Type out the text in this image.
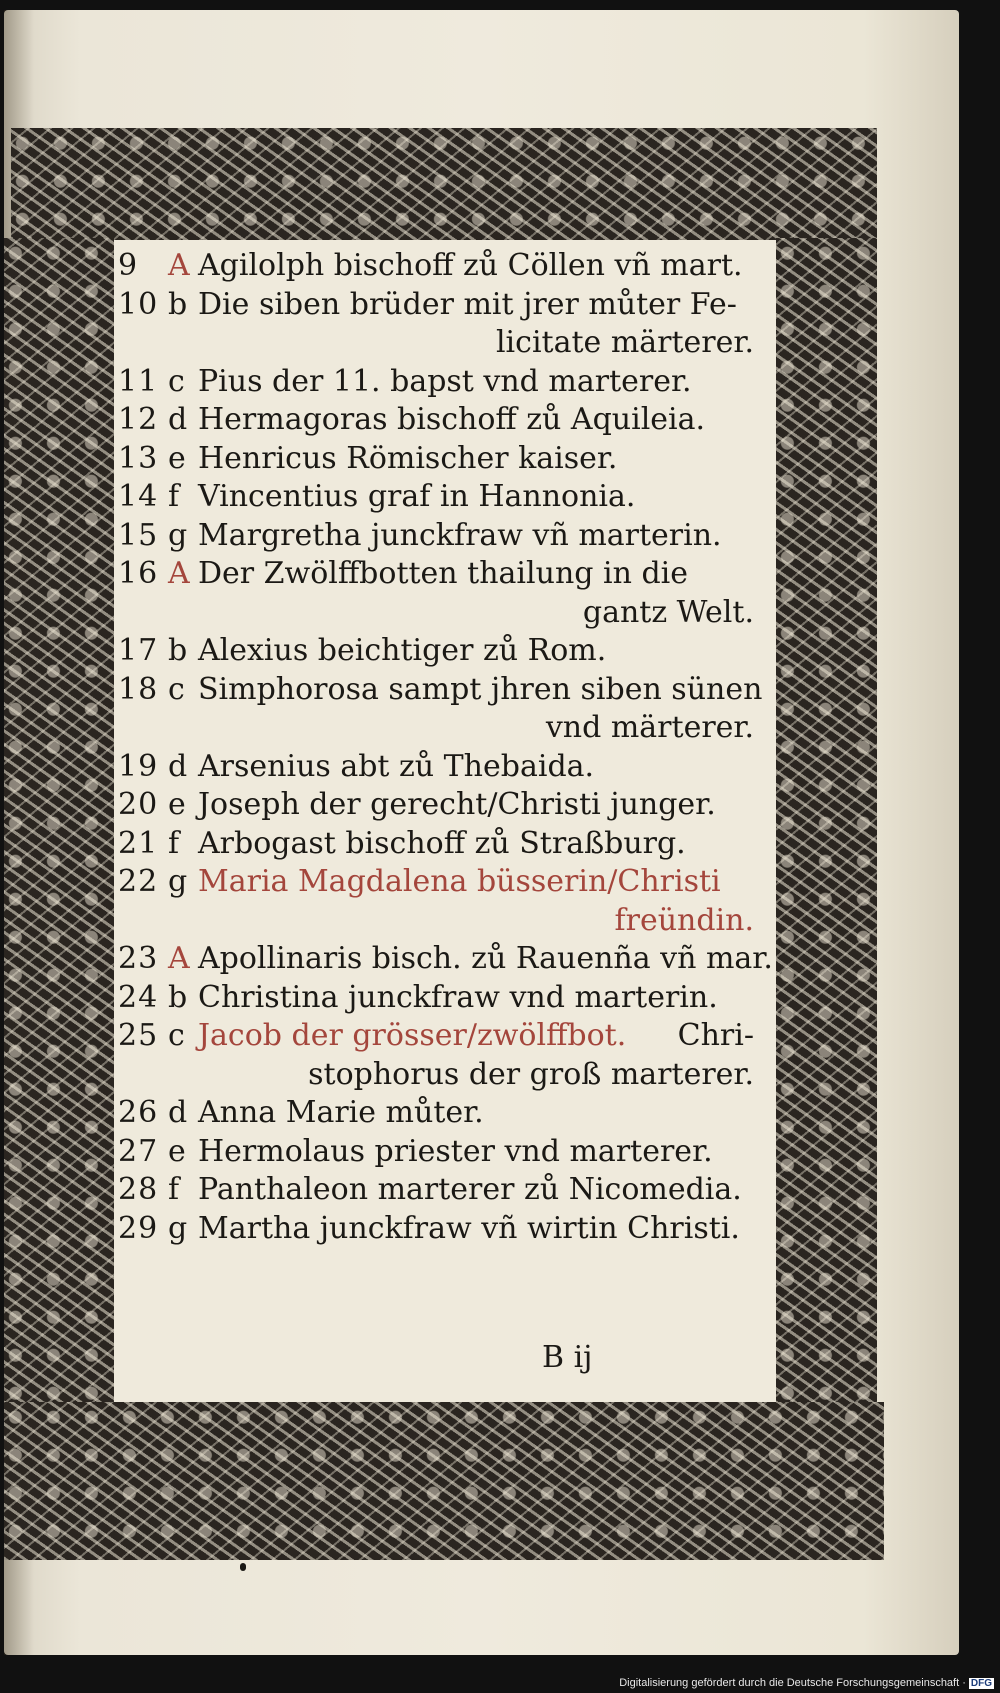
9 A Agilolph bischoff zů Cöllen vñ mart.
10 b Die siben brüder mit jrer můter Fe-
licitate märterer.
11 c Pius der 11. bapst vnd marterer.
12 d Hermagoras bischoff zů Aquileia.
13 e Henricus Römischer kaiser.
14 f Vincentius graf in Hannonia.
15 g Margretha junckfraw vñ marterin.
16 A Der Zwölffbotten thailung in die
gantz Welt.
17 b Alexius beichtiger zů Rom.
18 c Simphorosa sampt jhren siben sünen
vnd märterer.
19 d Arsenius abt zů Thebaida.
20 e Joseph der gerecht/Christi junger.
21 f Arbogast bischoff zů Straßburg.
22 g Maria Magdalena büsserin/Christi
freündin.
23 A Apollinaris bisch. zů Rauenña vñ mar.
24 b Christina junckfraw vnd marterin.
25 c Jacob der grösser/zwölffbot. Chri-
stophorus der groß marterer.
26 d Anna Marie můter.
27 e Hermolaus priester vnd marterer.
28 f Panthaleon marterer zů Nicomedia.
29 g Martha junckfraw vñ wirtin Christi.
B ij
Digitalisierung gefördert durch die Deutsche Forschungsgemeinschaft · DFG
